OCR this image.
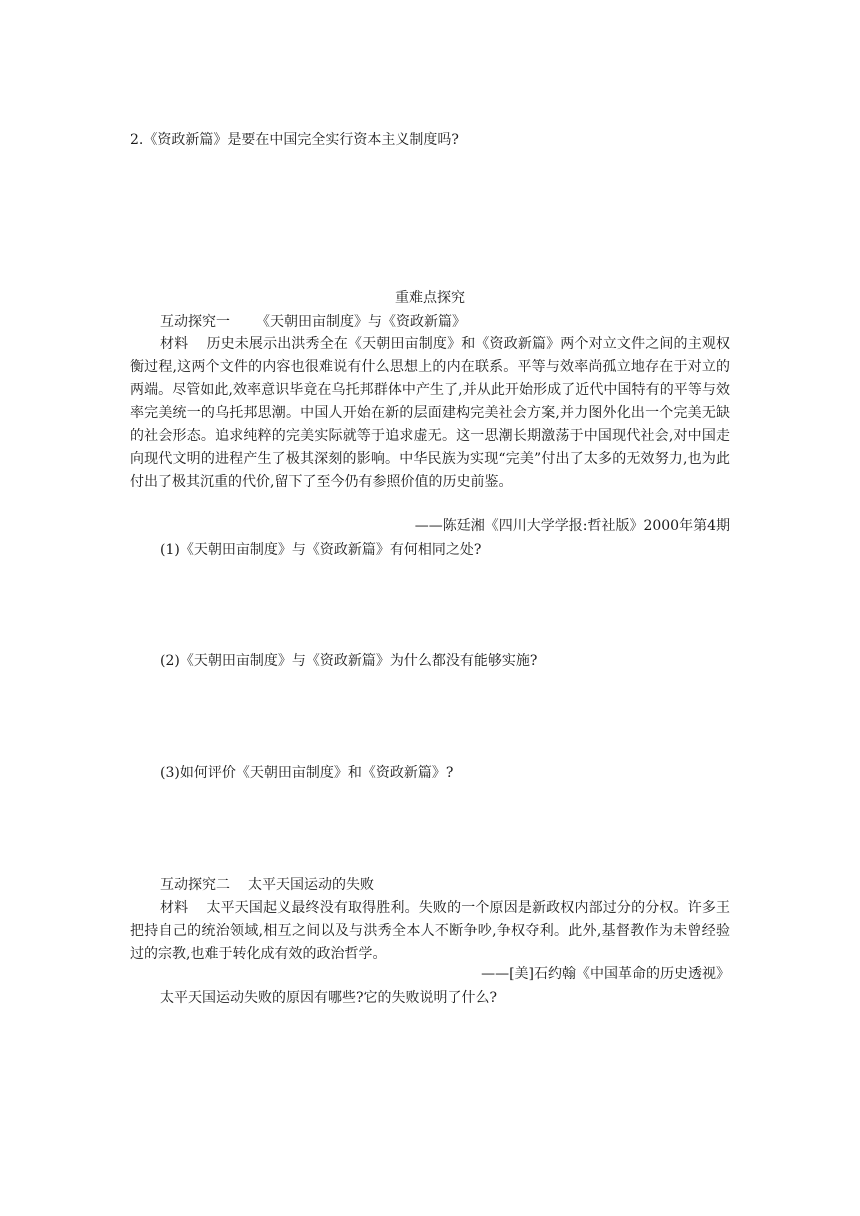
2.《资政新篇》是要在中国完全实行资本主义制度吗?
重难点探究
互动探究一 《天朝田亩制度》与《资政新篇》
材料 历史未展示出洪秀全在《天朝田亩制度》和《资政新篇》两个对立文件之间的主观权衡过程,这两个文件的内容也很难说有什么思想上的内在联系。平等与效率尚孤立地存在于对立的两端。尽管如此,效率意识毕竟在乌托邦群体中产生了,并从此开始形成了近代中国特有的平等与效率完美统一的乌托邦思潮。中国人开始在新的层面建构完美社会方案,并力图外化出一个完美无缺的社会形态。追求纯粹的完美实际就等于追求虚无。这一思潮长期激荡于中国现代社会,对中国走向现代文明的进程产生了极其深刻的影响。中华民族为实现“完美”付出了太多的无效努力,也为此付出了极其沉重的代价,留下了至今仍有参照价值的历史前鉴。
——陈廷湘《四川大学学报:哲社版》2000年第4期
(1)《天朝田亩制度》与《资政新篇》有何相同之处?
(2)《天朝田亩制度》与《资政新篇》为什么都没有能够实施?
(3)如何评价《天朝田亩制度》和《资政新篇》?
互动探究二 太平天国运动的失败
材料 太平天国起义最终没有取得胜利。失败的一个原因是新政权内部过分的分权。许多王把持自己的统治领域,相互之间以及与洪秀全本人不断争吵,争权夺利。此外,基督教作为未曾经验过的宗教,也难于转化成有效的政治哲学。
——[美]石约翰《中国革命的历史透视》
太平天国运动失败的原因有哪些?它的失败说明了什么?
